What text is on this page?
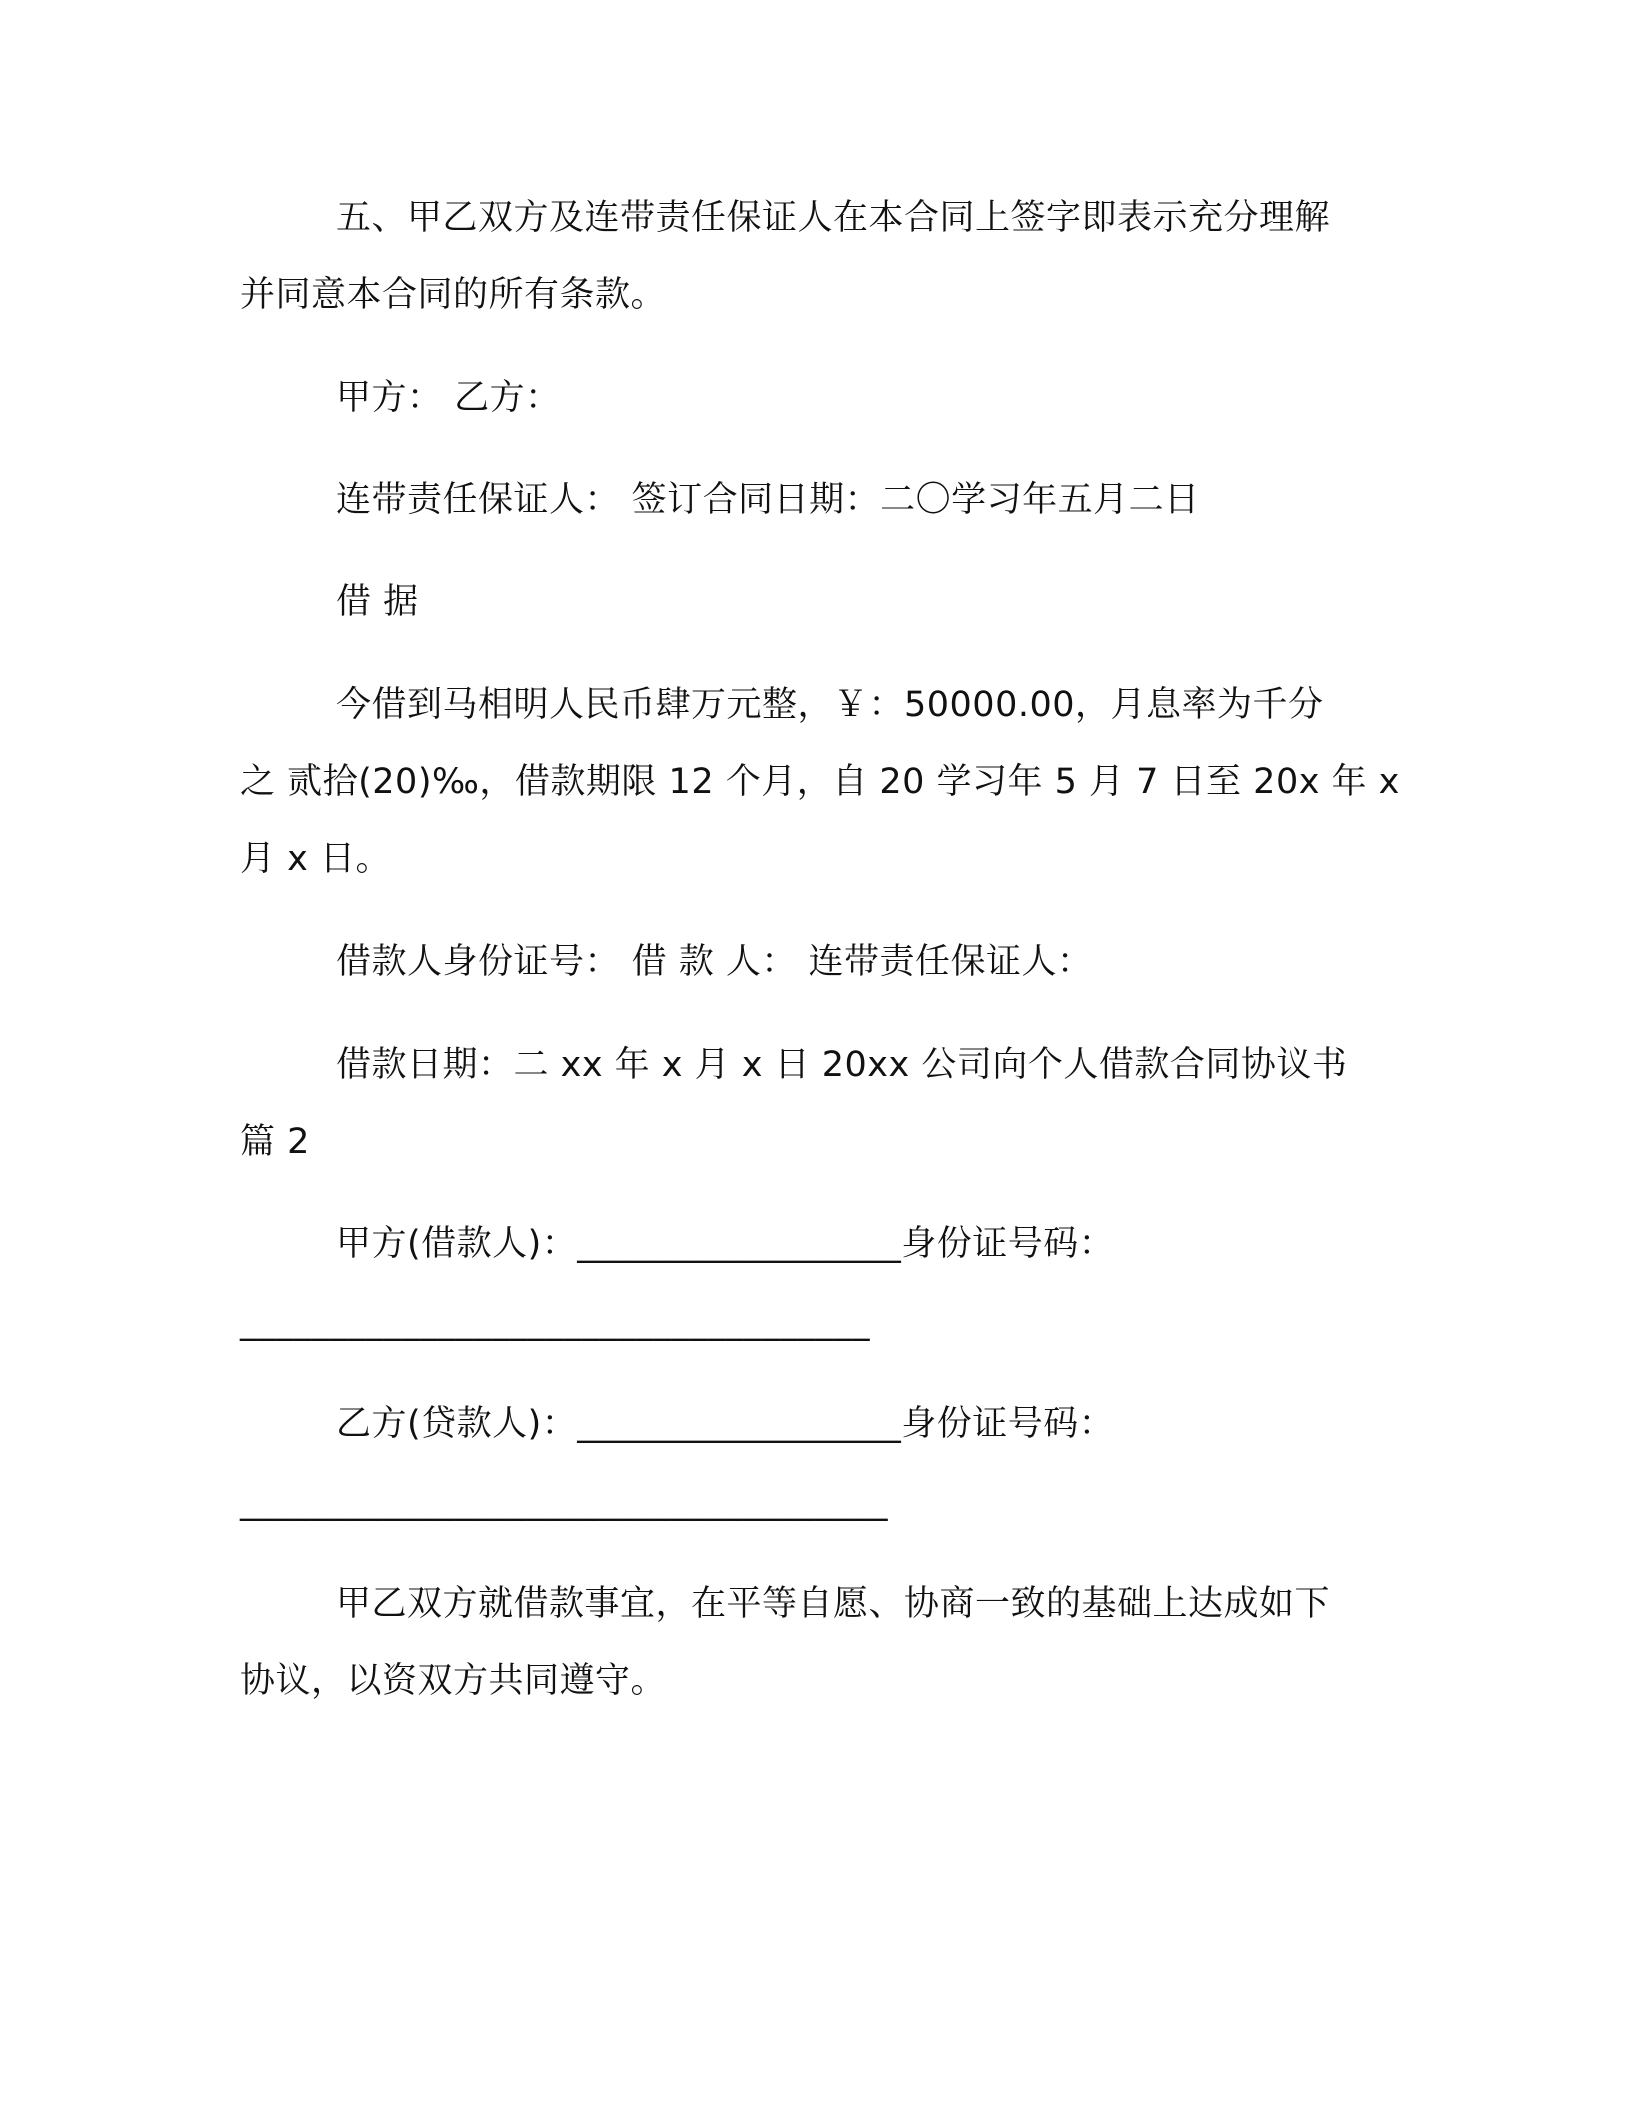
五、甲乙双方及连带责任保证人在本合同上签字即表示充分理解
并同意本合同的所有条款。
甲方： 乙方：
连带责任保证人： 签订合同日期：二〇学习年五月二日
借 据
今借到马相明人民币肆万元整，￥：50000.00，月息率为千分
之 贰拾(20)‰，借款期限 12 个月，自 20 学习年 5 月 7 日至 20x 年 x
月 x 日。
借款人身份证号： 借 款 人： 连带责任保证人：
借款日期：二 xx 年 x 月 x 日 20xx 公司向个人借款合同协议书
篇 2
甲方(借款人)：__________________身份证号码：
___________________________________
乙方(贷款人)：__________________身份证号码：
____________________________________
甲乙双方就借款事宜，在平等自愿、协商一致的基础上达成如下
协议，以资双方共同遵守。
